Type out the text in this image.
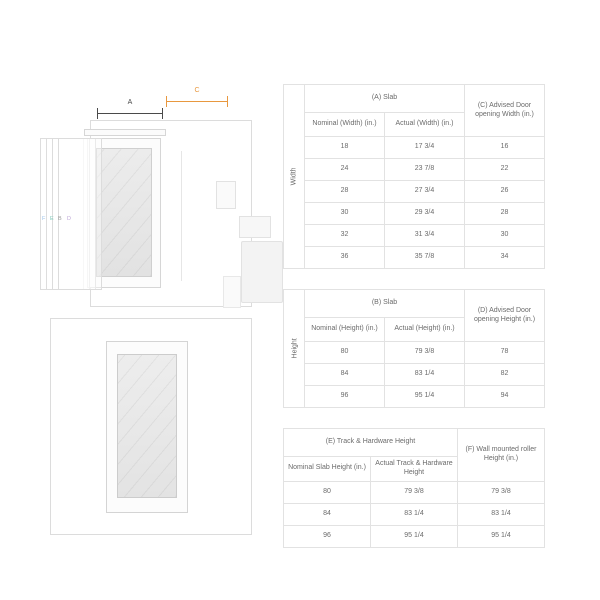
A
C
F E B D
Width	(A) Slab		(C) Advised Door opening Width (in.)
	Nominal (Width) (in.)	Actual (Width) (in.)	
	18	17 3/4	16
	24	23 7/8	22
	28	27 3/4	26
	30	29 3/4	28
	32	31 3/4	30
	36	35 7/8	34
Height	(B) Slab		(D) Advised Door opening Height (in.)
	Nominal (Height) (in.)	Actual (Height) (in.)	
	80	79 3/8	78
	84	83 1/4	82
	96	95 1/4	94
(E) Track & Hardware Height		(F) Wall mounted roller Height (in.)
Nominal Slab Height (in.)	Actual Track & Hardware Height	
80	79 3/8	79 3/8
84	83 1/4	83 1/4
96	95 1/4	95 1/4
